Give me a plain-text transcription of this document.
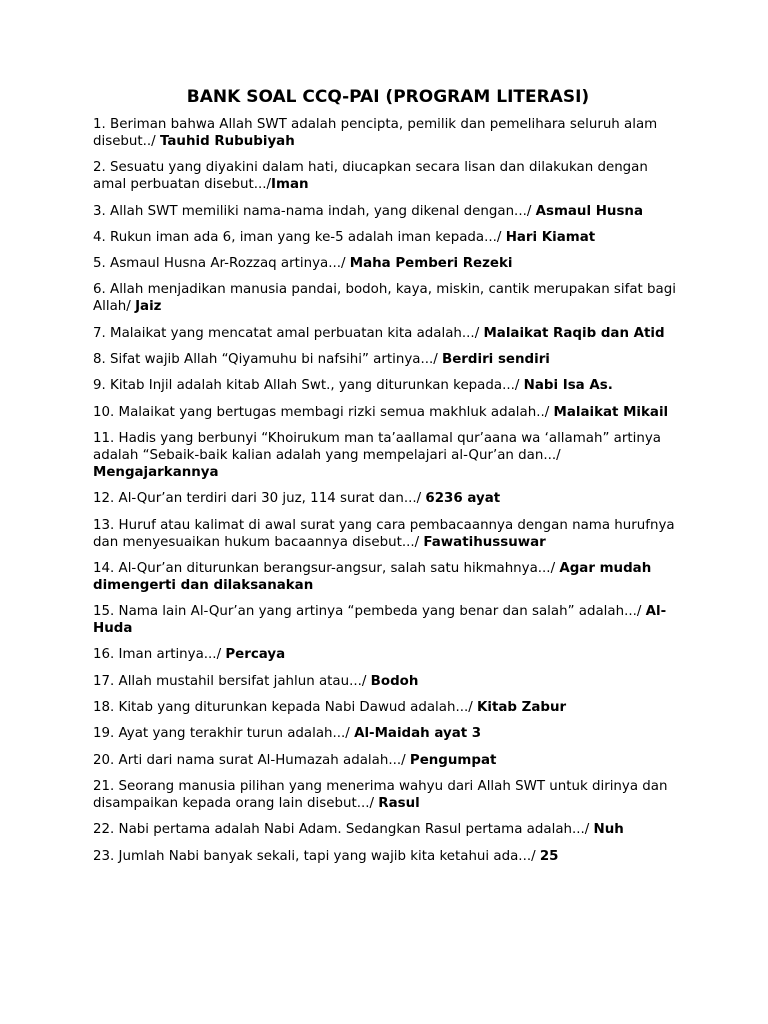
BANK SOAL CCQ-PAI (PROGRAM LITERASI)
1. Beriman bahwa Allah SWT adalah pencipta, pemilik dan pemelihara seluruh alam disebut../ Tauhid Rububiyah
2. Sesuatu yang diyakini dalam hati, diucapkan secara lisan dan dilakukan dengan amal perbuatan disebut.../Iman
3. Allah SWT memiliki nama-nama indah, yang dikenal dengan.../ Asmaul Husna
4. Rukun iman ada 6, iman yang ke-5 adalah iman kepada.../ Hari Kiamat
5. Asmaul Husna Ar-Rozzaq artinya.../ Maha Pemberi Rezeki
6. Allah menjadikan manusia pandai, bodoh, kaya, miskin, cantik merupakan sifat bagi Allah/ Jaiz
7. Malaikat yang mencatat amal perbuatan kita adalah.../ Malaikat Raqib dan Atid
8. Sifat wajib Allah “Qiyamuhu bi nafsihi” artinya.../ Berdiri sendiri
9. Kitab Injil adalah kitab Allah Swt., yang diturunkan kepada.../ Nabi Isa As.
10. Malaikat yang bertugas membagi rizki semua makhluk adalah../ Malaikat Mikail
11. Hadis yang berbunyi “Khoirukum man ta’aallamal qur’aana wa ‘allamah” artinya adalah “Sebaik-baik kalian adalah yang mempelajari al-Qur’an dan.../ Mengajarkannya
12. Al-Qur’an terdiri dari 30 juz, 114 surat dan.../ 6236 ayat
13. Huruf atau kalimat di awal surat yang cara pembacaannya dengan nama hurufnya dan menyesuaikan hukum bacaannya disebut.../ Fawatihussuwar
14. Al-Qur’an diturunkan berangsur-angsur, salah satu hikmahnya.../ Agar mudah dimengerti dan dilaksanakan
15. Nama lain Al-Qur’an yang artinya “pembeda yang benar dan salah” adalah.../ Al-Huda
16. Iman artinya.../ Percaya
17. Allah mustahil bersifat jahlun atau.../ Bodoh
18. Kitab yang diturunkan kepada Nabi Dawud adalah.../ Kitab Zabur
19. Ayat yang terakhir turun adalah.../ Al-Maidah ayat 3
20. Arti dari nama surat Al-Humazah adalah.../ Pengumpat
21. Seorang manusia pilihan yang menerima wahyu dari Allah SWT untuk dirinya dan disampaikan kepada orang lain disebut.../ Rasul
22. Nabi pertama adalah Nabi Adam. Sedangkan Rasul pertama adalah.../ Nuh
23. Jumlah Nabi banyak sekali, tapi yang wajib kita ketahui ada.../ 25
